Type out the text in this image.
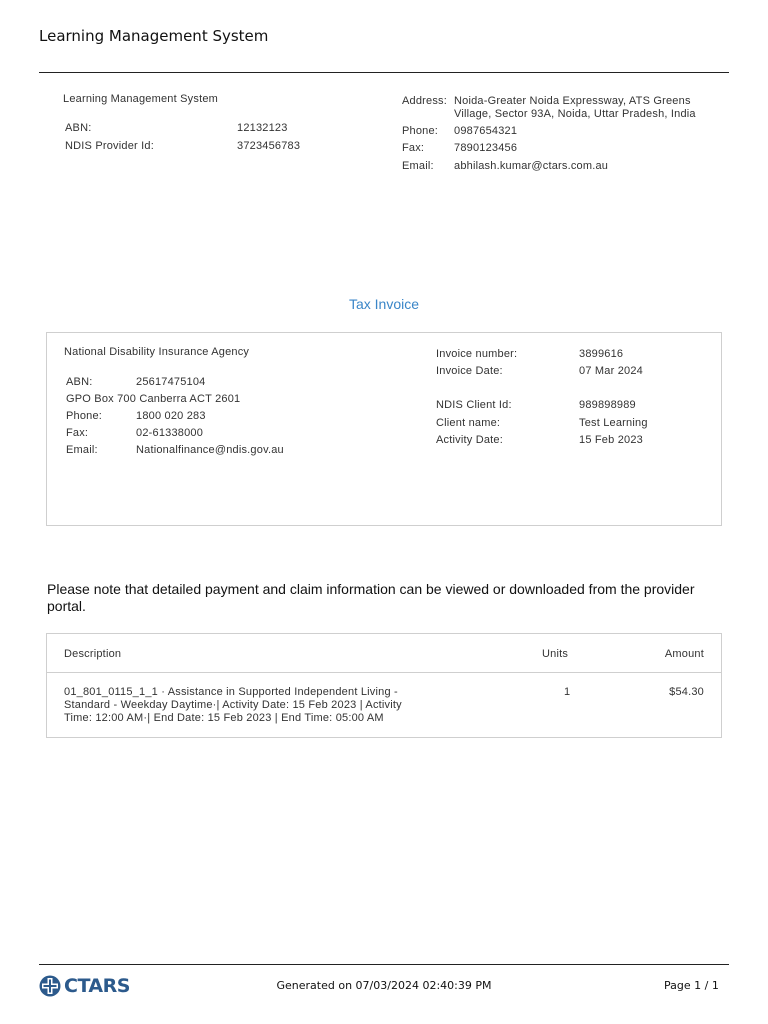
Learning Management System
Learning Management System
ABN:	12132123
NDIS Provider Id:	3723456783
Address: Noida-Greater Noida Expressway, ATS Greens
Village, Sector 93A, Noida, Uttar Pradesh, India
Phone: 0987654321
Fax:	7890123456
Email: abhilash.kumar@ctars.com.au
Tax Invoice
National Disability Insurance Agency
ABN:	25617475104
GPO Box 700 Canberra ACT 2601
Phone:	1800 020 283
Fax:	02-61338000
Email:	Nationalfinance@ndis.gov.au
Invoice number:	3899616
Invoice Date:	07 Mar 2024
NDIS Client Id:	989898989
Client name:	Test Learning
Activity Date:	15 Feb 2023
Please note that detailed payment and claim information can be viewed or downloaded from the provider portal.
Description	Units	Amount
01_801_0115_1_1 · Assistance in Supported Independent Living -
Standard - Weekday Daytime·| Activity Date: 15 Feb 2023 | Activity
Time: 12:00 AM·| End Date: 15 Feb 2023 | End Time: 05:00 AM
1	$54.30
CTARS	Generated on 07/03/2024 02:40:39 PM	Page 1 / 1
